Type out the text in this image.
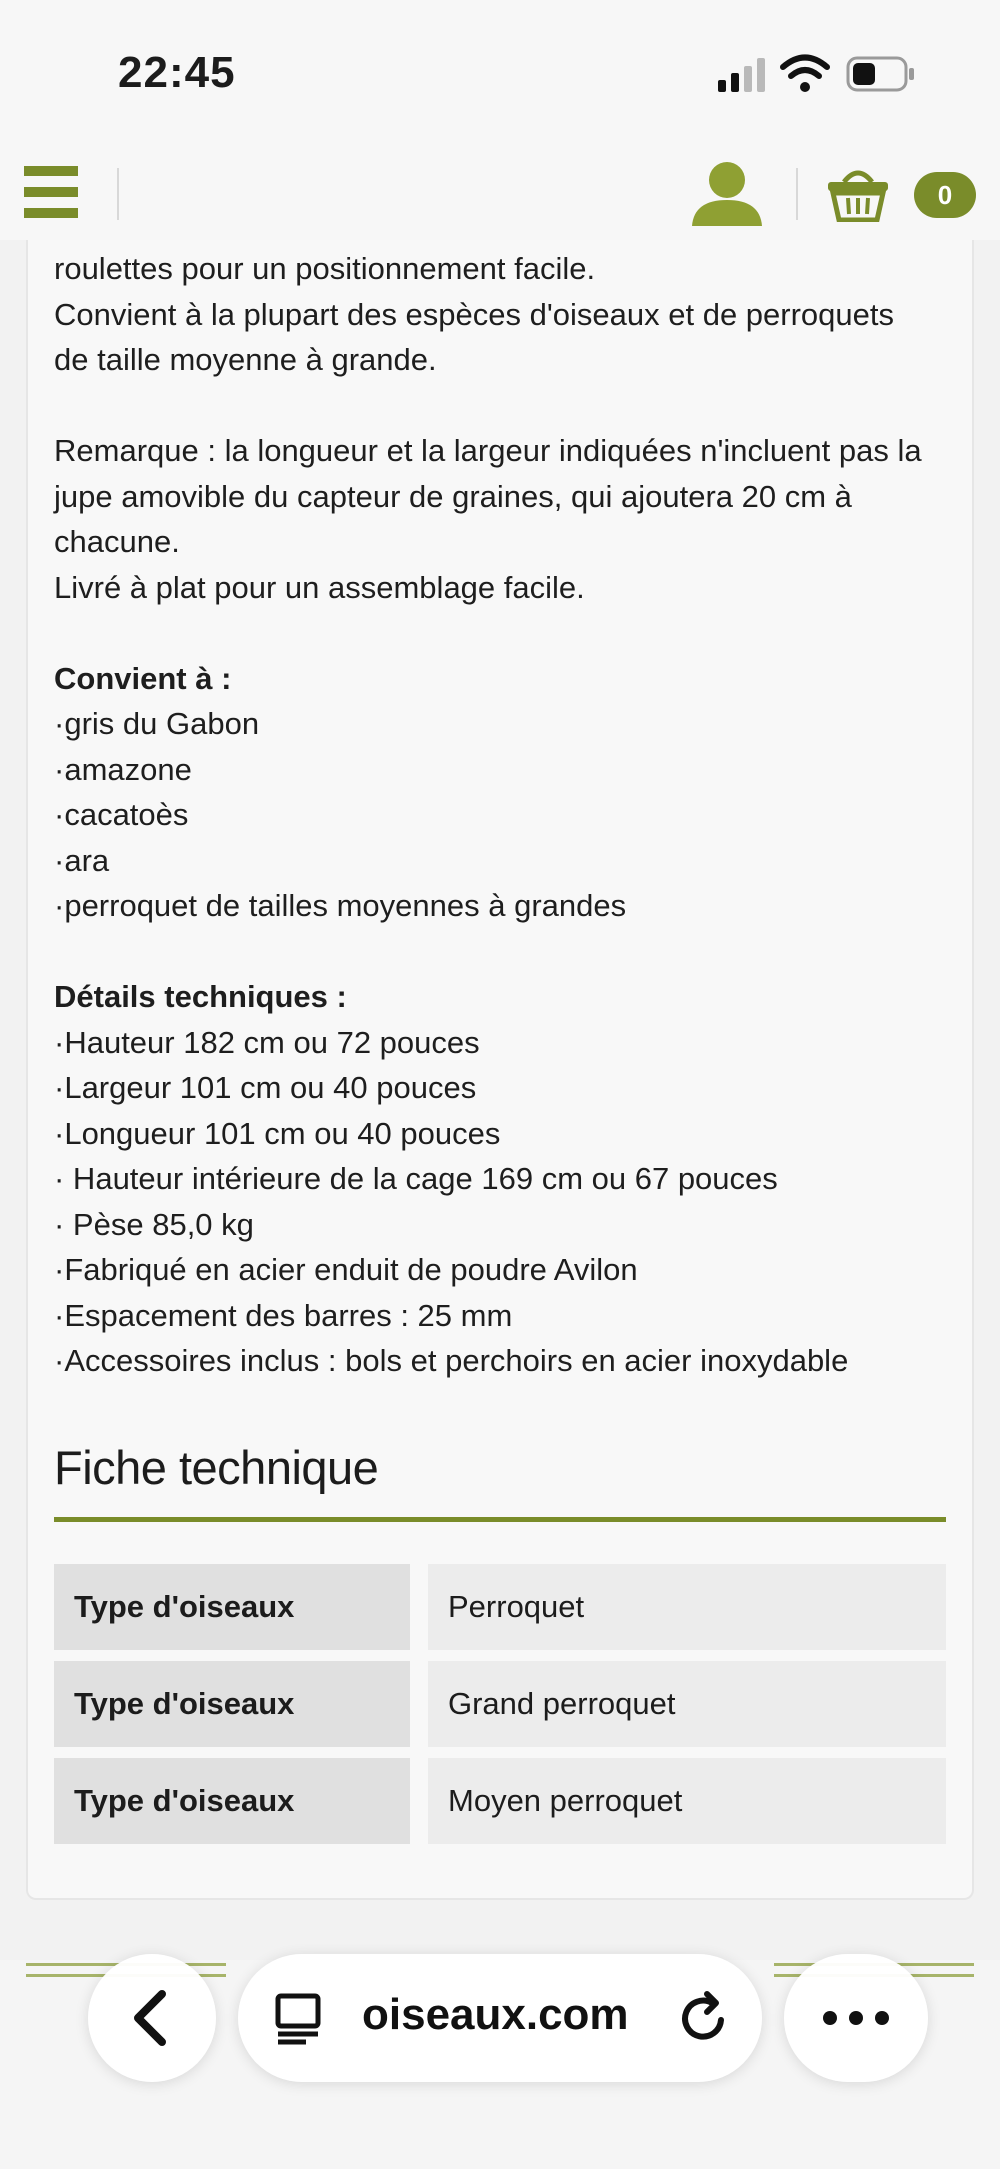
22:45
0

roulettes pour un positionnement facile.

Convient à la plupart des espèces d'oiseaux et de perroquets

de taille moyenne à grande.

Remarque : la longueur et la largeur indiquées n'incluent pas la

jupe amovible du capteur de graines, qui ajoutera 20 cm à

chacune.

Livré à plat pour un assemblage facile.

Convient à :

·gris du Gabon

·amazone

·cacatoès

·ara

·perroquet de tailles moyennes à grandes

Détails techniques :

·Hauteur 182 cm ou 72 pouces

·Largeur 101 cm ou 40 pouces

·Longueur 101 cm ou 40 pouces

· Hauteur intérieure de la cage 169 cm ou 67 pouces

· Pèse 85,0 kg

·Fabriqué en acier enduit de poudre Avilon

·Espacement des barres : 25 mm

·Accessoires inclus : bols et perchoirs en acier inoxydable

Fiche technique
Type d'oiseaux	Perroquet
Type d'oiseaux	Grand perroquet
Type d'oiseaux	Moyen perroquet
oiseaux.com
